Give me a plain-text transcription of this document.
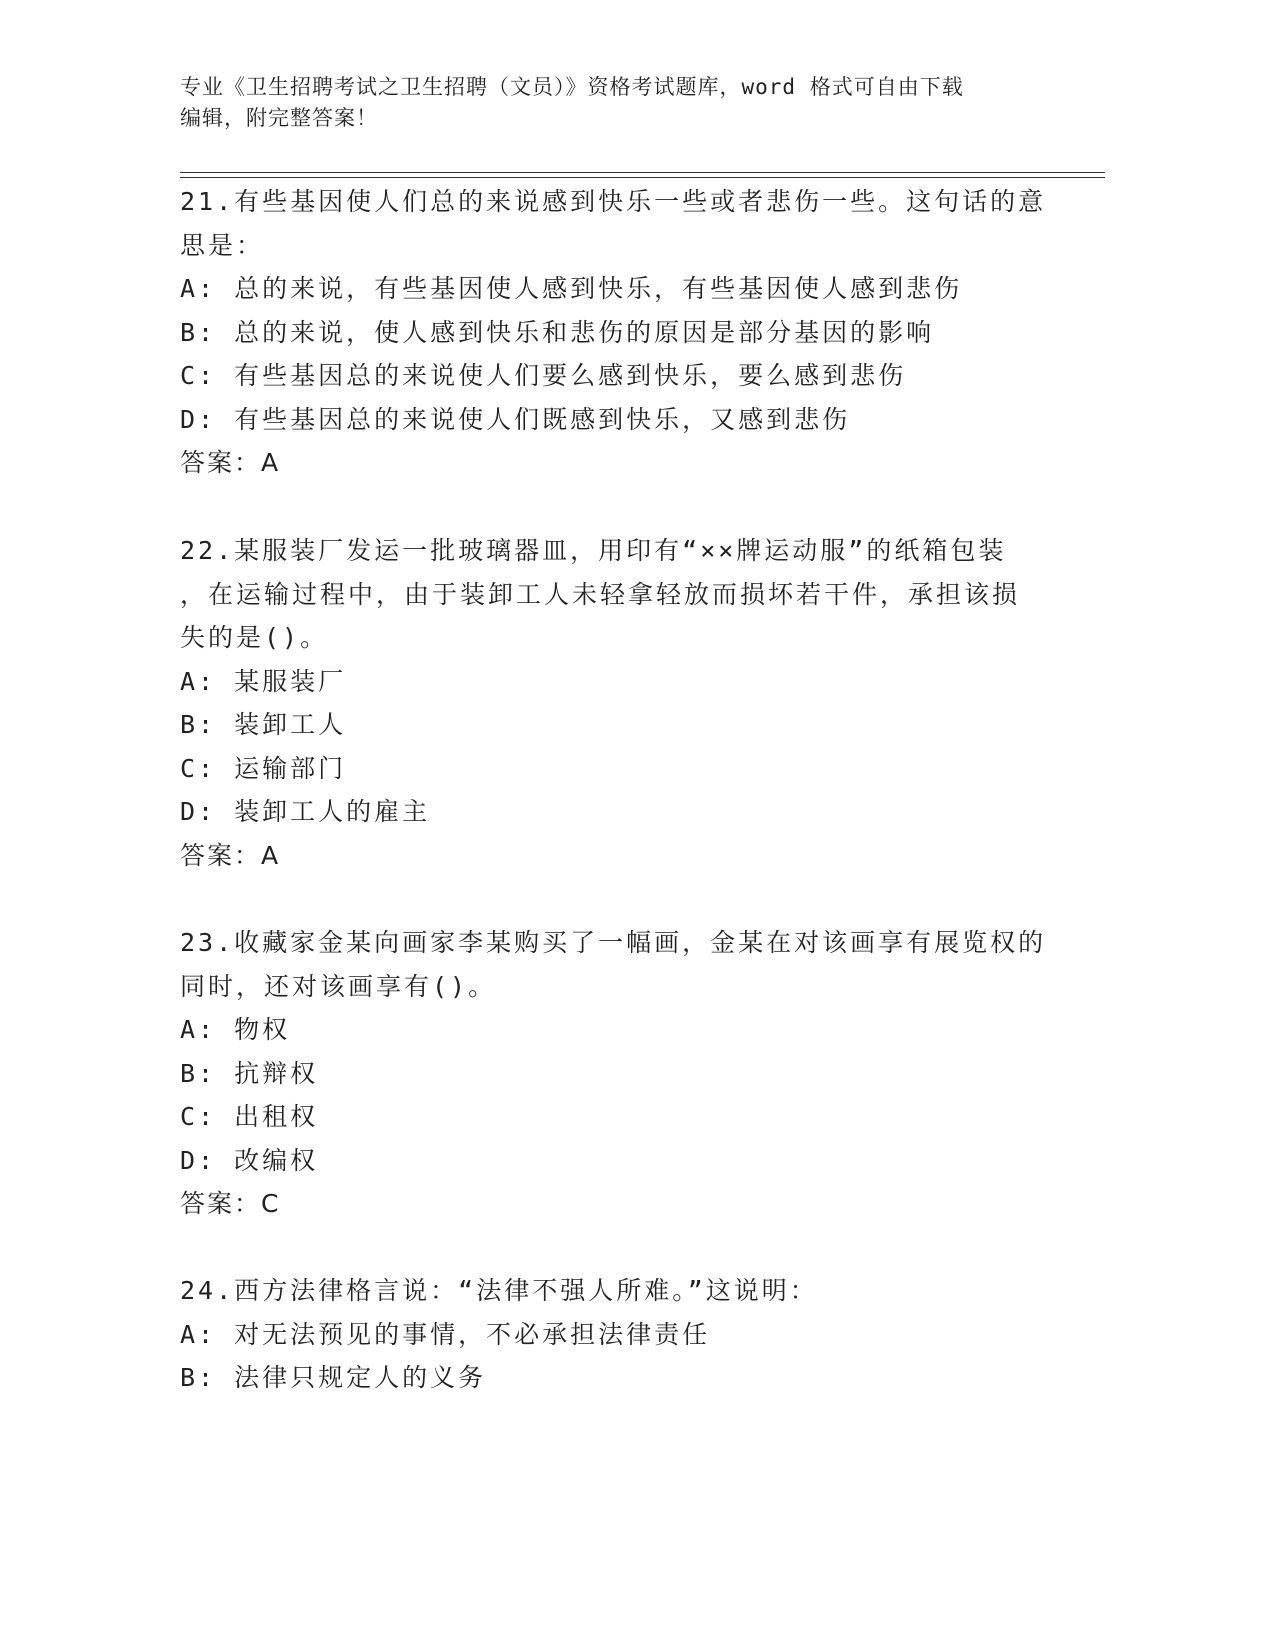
专业《卫生招聘考试之卫生招聘（文员）》资格考试题库，word 格式可自由下载
编辑，附完整答案！
21.有些基因使人们总的来说感到快乐一些或者悲伤一些。这句话的意
思是：
A: 总的来说，有些基因使人感到快乐，有些基因使人感到悲伤
B: 总的来说，使人感到快乐和悲伤的原因是部分基因的影响
C: 有些基因总的来说使人们要么感到快乐，要么感到悲伤
D: 有些基因总的来说使人们既感到快乐，又感到悲伤
答案：A
22.某服装厂发运一批玻璃器皿，用印有“××牌运动服”的纸箱包装
，在运输过程中，由于装卸工人未轻拿轻放而损坏若干件，承担该损
失的是()。
A: 某服装厂
B: 装卸工人
C: 运输部门
D: 装卸工人的雇主
答案：A
23.收藏家金某向画家李某购买了一幅画，金某在对该画享有展览权的
同时，还对该画享有()。
A: 物权
B: 抗辩权
C: 出租权
D: 改编权
答案：C
24.西方法律格言说：“法律不强人所难。”这说明：
A: 对无法预见的事情，不必承担法律责任
B: 法律只规定人的义务
